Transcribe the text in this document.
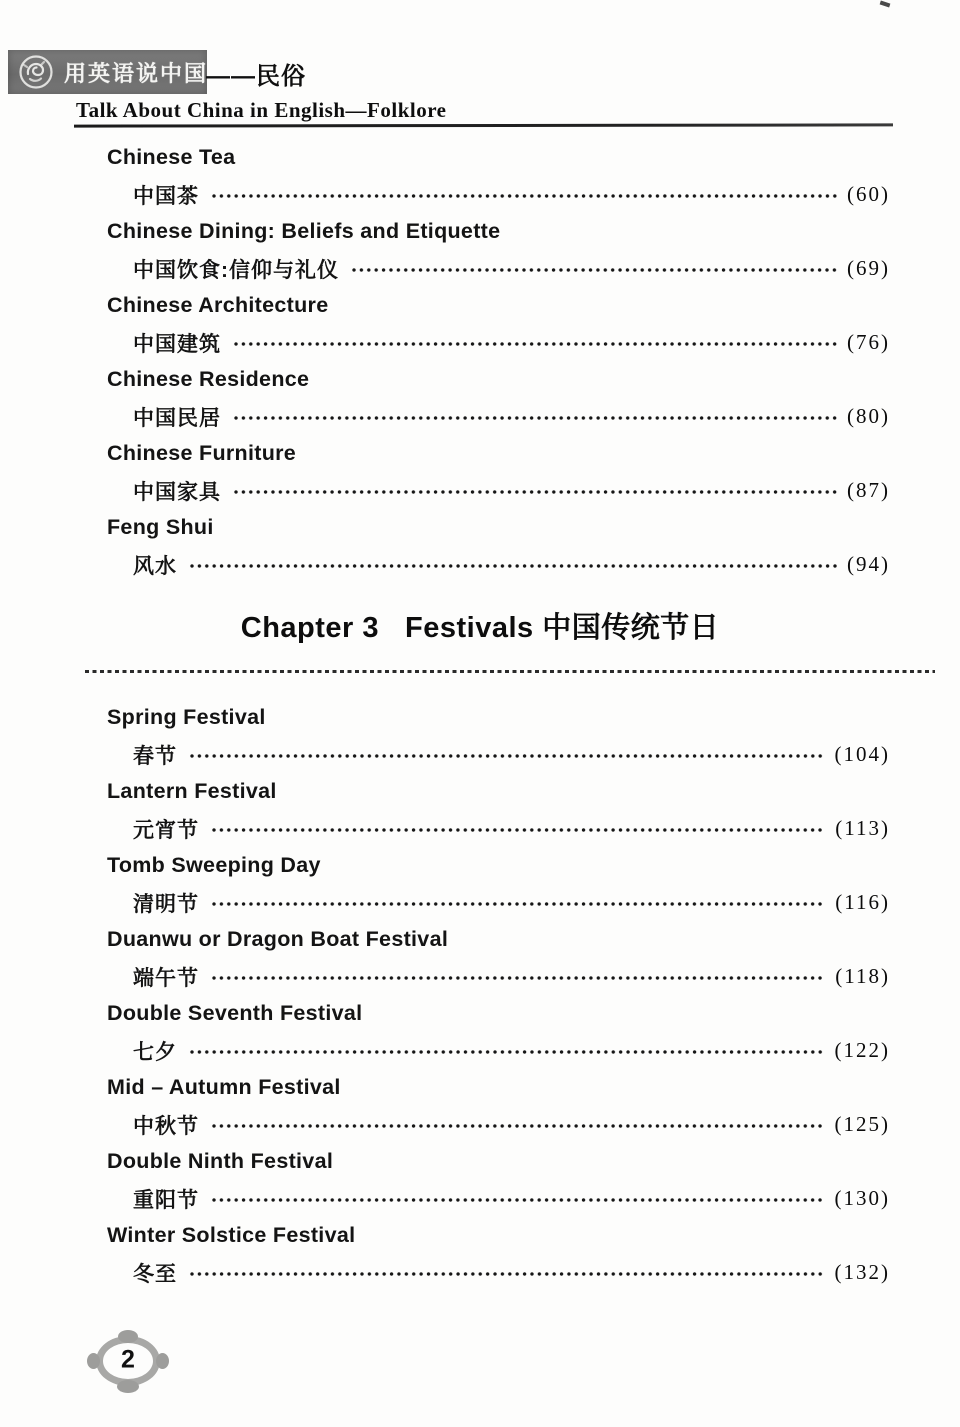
用英语说中国
——民俗
Talk About China in English—Folklore
Chinese Tea
中国茶	(60)
Chinese Dining: Beliefs and Etiquette
中国饮食:信仰与礼仪	(69)
Chinese Architecture
中国建筑	(76)
Chinese Residence
中国民居	(80)
Chinese Furniture
中国家具	(87)
Feng Shui
风水	(94)
Chapter 3 Festivals 中国传统节日
Spring Festival
春节	(104)
Lantern Festival
元宵节	(113)
Tomb Sweeping Day
清明节	(116)
Duanwu or Dragon Boat Festival
端午节	(118)
Double Seventh Festival
七夕	(122)
Mid – Autumn Festival
中秋节	(125)
Double Ninth Festival
重阳节	(130)
Winter Solstice Festival
冬至	(132)
2
